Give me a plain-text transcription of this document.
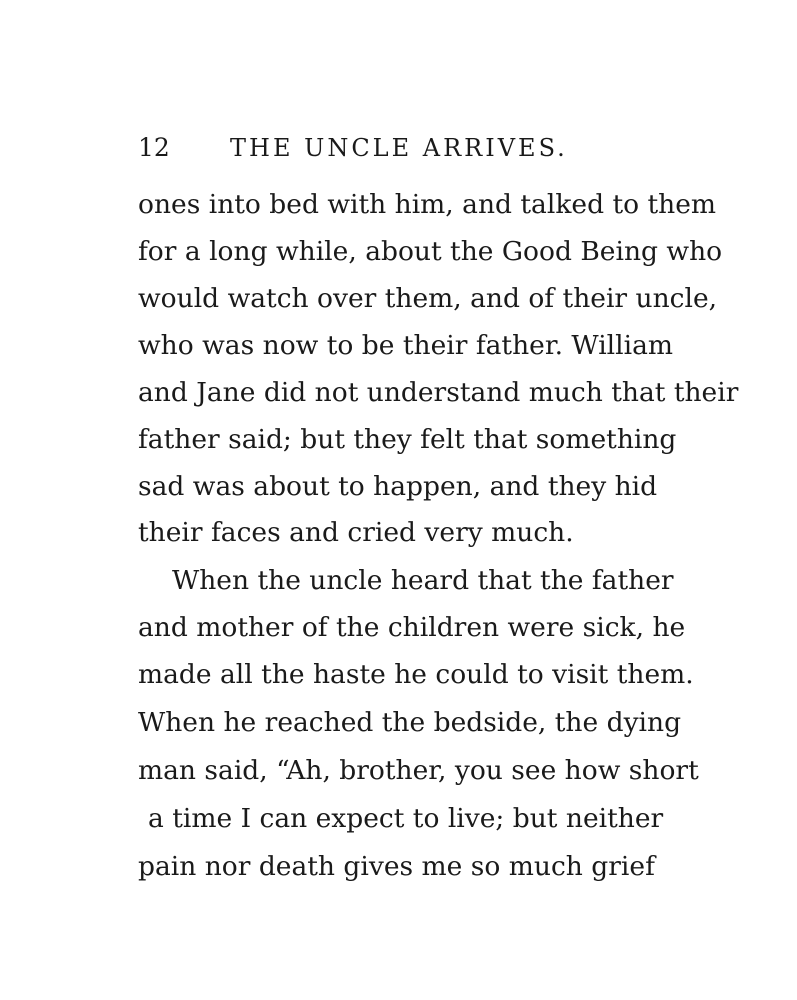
12	THE UNCLE ARRIVES.
ones into bed with him, and talked to them
for a long while, about the Good Being who
would watch over them, and of their uncle,
who was now to be their father. William
and Jane did not understand much that their
father said; but they felt that something
sad was about to happen, and they hid
their faces and cried very much.
When the uncle heard that the father
and mother of the children were sick, he
made all the haste he could to visit them.
When he reached the bedside, the dying
man said, “Ah, brother, you see how short
a time I can expect to live; but neither
pain nor death gives me so much grief
